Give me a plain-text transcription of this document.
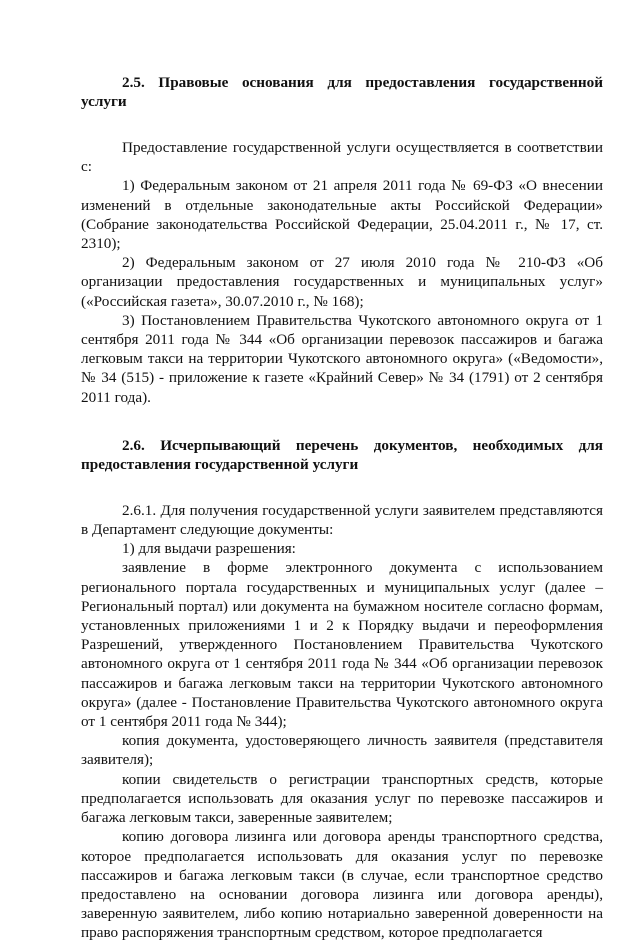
2.5. Правовые основания для предоставления государственной услуги

Предоставление государственной услуги осуществляется в соответствии с:

1) Федеральным законом от 21 апреля 2011 года № 69-ФЗ «О внесении изменений в отдельные законодательные акты Российской Федерации» (Собрание законодательства Российской Федерации, 25.04.2011 г., № 17, ст. 2310);

2) Федеральным законом от 27 июля 2010 года № 210-ФЗ «Об организации предоставления государственных и муниципальных услуг» («Российская газета», 30.07.2010 г., № 168);

3) Постановлением Правительства Чукотского автономного округа от 1 сентября 2011 года № 344 «Об организации перевозок пассажиров и багажа легковым такси на территории Чукотского автономного округа» («Ведомости», № 34 (515) - приложение к газете «Крайний Север» № 34 (1791) от 2 сентября 2011 года).

2.6. Исчерпывающий перечень документов, необходимых для предоставления государственной услуги

2.6.1. Для получения государственной услуги заявителем представляются в Департамент следующие документы:

1) для выдачи разрешения:

заявление в форме электронного документа с использованием регионального портала государственных и муниципальных услуг (далее – Региональный портал) или документа на бумажном носителе согласно формам, установленных приложениями 1 и 2 к Порядку выдачи и переоформления Разрешений, утвержденного Постановлением Правительства Чукотского автономного округа от 1 сентября 2011 года № 344 «Об организации перевозок пассажиров и багажа легковым такси на территории Чукотского автономного округа» (далее - Постановление Правительства Чукотского автономного округа от 1 сентября 2011 года № 344);

копия документа, удостоверяющего личность заявителя (представителя заявителя);

копии свидетельств о регистрации транспортных средств, которые предполагается использовать для оказания услуг по перевозке пассажиров и багажа легковым такси, заверенные заявителем;

копию договора лизинга или договора аренды транспортного средства, которое предполагается использовать для оказания услуг по перевозке пассажиров и багажа легковым такси (в случае, если транспортное средство предоставлено на основании договора лизинга или договора аренды), заверенную заявителем, либо копию нотариально заверенной доверенности на право распоряжения транспортным средством, которое предполагается
